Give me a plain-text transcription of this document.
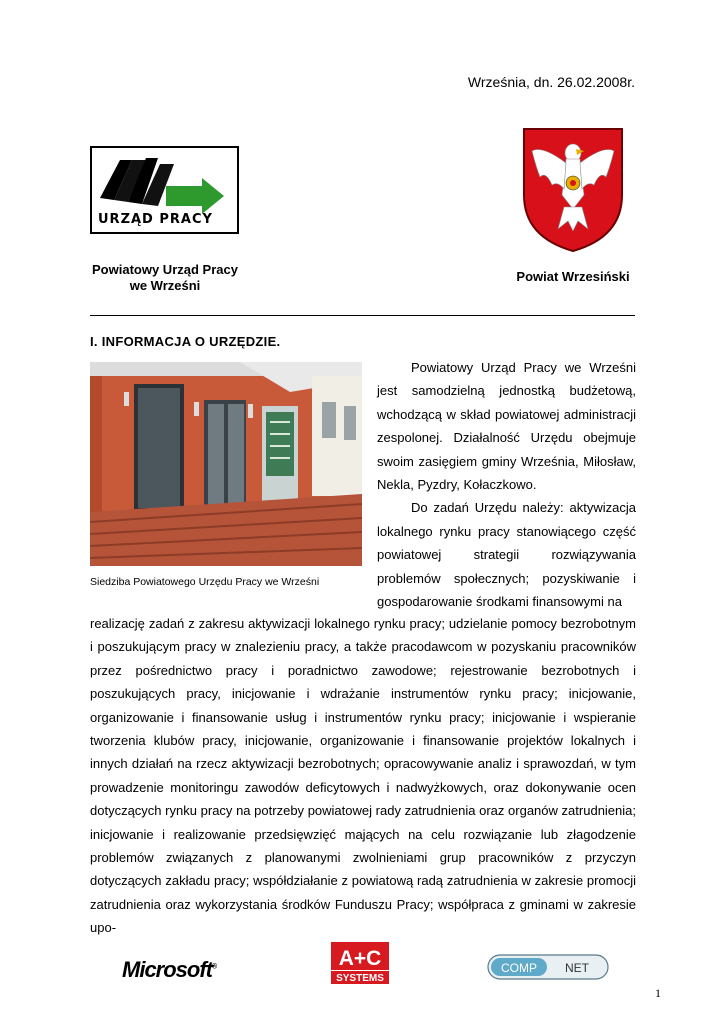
Września, dn. 26.02.2008r.
URZĄD PRACY
Powiatowy Urząd Pracy
we Wrześni
Powiat Wrzesiński
I. INFORMACJA O URZĘDZIE.
Siedziba Powiatowego Urzędu Pracy we Wrześni

Powiatowy Urząd Pracy we Wrześni jest samodzielną jednostką budżetową, wchodzącą w skład powiatowej administracji zespolonej. Działalność Urzędu obejmuje swoim zasięgiem gminy Września, Miłosław, Nekla, Pyzdry, Kołaczkowo.

Do zadań Urzędu należy: aktywizacja lokalnego rynku pracy stanowiącego część powiatowej strategii rozwiązywania problemów społecznych; pozyskiwanie i gospodarowanie środkami finansowymi na

realizację zadań z zakresu aktywizacji lokalnego rynku pracy; udzielanie pomocy bezrobotnym i poszukującym pracy w znalezieniu pracy, a także pracodawcom w pozyskaniu pracowników przez pośrednictwo pracy i poradnictwo zawodowe; rejestrowanie bezrobotnych i poszukujących pracy, inicjowanie i wdrażanie instrumentów rynku pracy; inicjowanie, organizowanie i finansowanie usług i instrumentów rynku pracy; inicjowanie i wspieranie tworzenia klubów pracy, inicjowanie, organizowanie i finansowanie projektów lokalnych i innych działań na rzecz aktywizacji bezrobotnych; opracowywanie analiz i sprawozdań, w tym prowadzenie monitoringu zawodów deficytowych i nadwyżkowych, oraz dokonywanie ocen dotyczących rynku pracy na potrzeby powiatowej rady zatrudnienia oraz organów zatrudnienia; inicjowanie i realizowanie przedsięwzięć mających na celu rozwiązanie lub złagodzenie problemów związanych z planowanymi zwolnieniami grup pracowników z przyczyn dotyczących zakładu pracy; współdziałanie z powiatową radą zatrudnienia w zakresie promocji zatrudnienia oraz wykorzystania środków Funduszu Pracy; współpraca z gminami w zakresie upo-
Microsoft®	A+C
SYSTEMS
COMP NET
1
